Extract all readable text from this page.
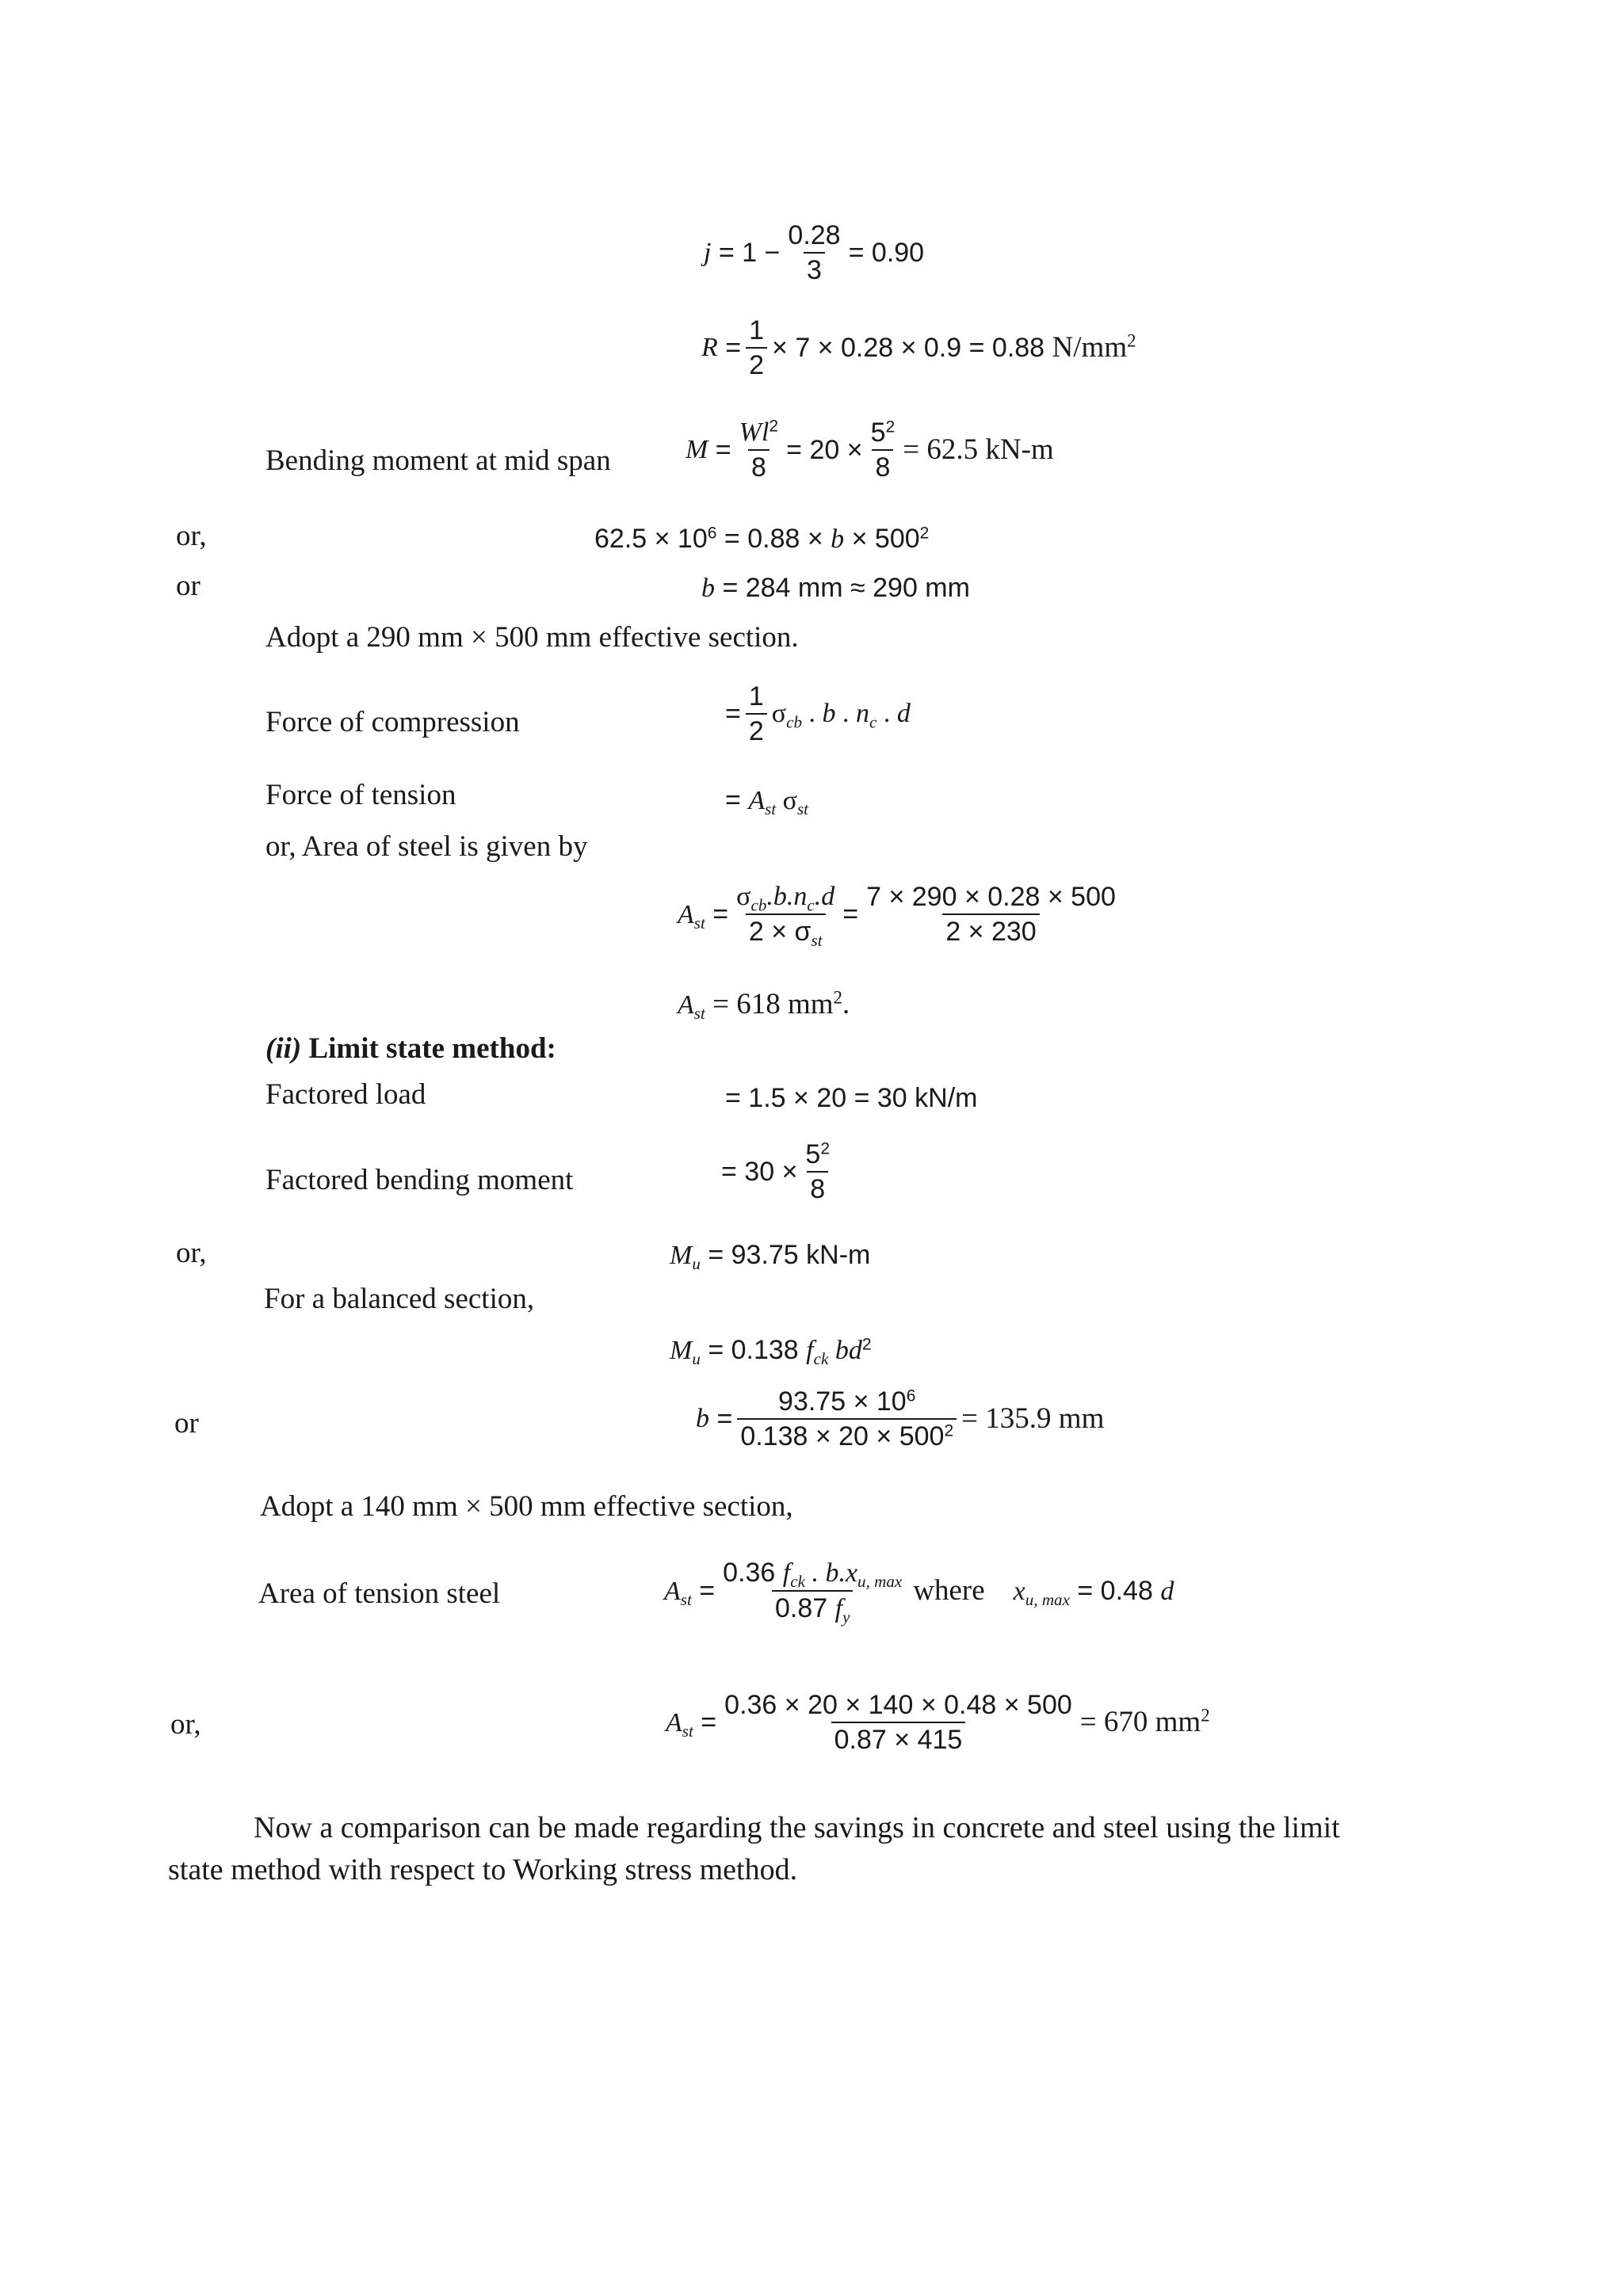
j
= $1 - \frac{0.28}{3} = 0.90$
R
= $\frac{1}{2} \times 7 \times 0.28 \times 0.9 = 0.88$
$N/mm^2$
Bending moment at mid span	M
= $\frac{Wl^2}{8} = 20 \times \frac{5^2}{8} = 62.5$ kN-m
or,	$62.5 \times 10^6 = 0.88 \times b \times 500^2$
or	b = 284 mm ≈ 290 mm
Adopt a 290 mm × 500 mm effective section.
Force of compression	= $\frac{1}{2} \sigma_{cb}$ . b . $n_c$ . d
Force of tension	= $A_{st}$ $\sigma_{st}$
or, Area of steel is given by
$A_{st}$
= $\frac{\sigma_{cb}.b.n_c.d}{2 \times \sigma_{st}} = \frac{7 \times 290 \times 0.28 \times 500}{2 \times 230}$
$A_{st} = 618$ $mm^2$.
(ii) Limit state method:
Factored load	= 1.5 × 20 = 30 kN/m
Factored bending moment	= $30 \times \frac{5^2}{8}$
or,	$M_u = 93.75$ kN-m
For a balanced section,
$M_u = 0.138$ $f_{ck}$ $bd^2$
or	b
= $\frac{93.75 \times 10^6}{0.138 \times 20 \times 500^2} = 135.9$ mm
Adopt a 140 mm × 500 mm effective section,
Area of tension steel	$A_{st}$
= $\frac{0.36 f_{ck} . b.x_{u, max}}{0.87 f_y}$ where $x_{u, max} = 0.48$ d
or,	$A_{st}$
= $\frac{0.36 \times 20 \times 140 \times 0.48 \times 500}{0.87 \times 415} = 670$ $mm^2$
Now a comparison can be made regarding the savings in concrete and steel using the limit
state method with respect to Working stress method.
